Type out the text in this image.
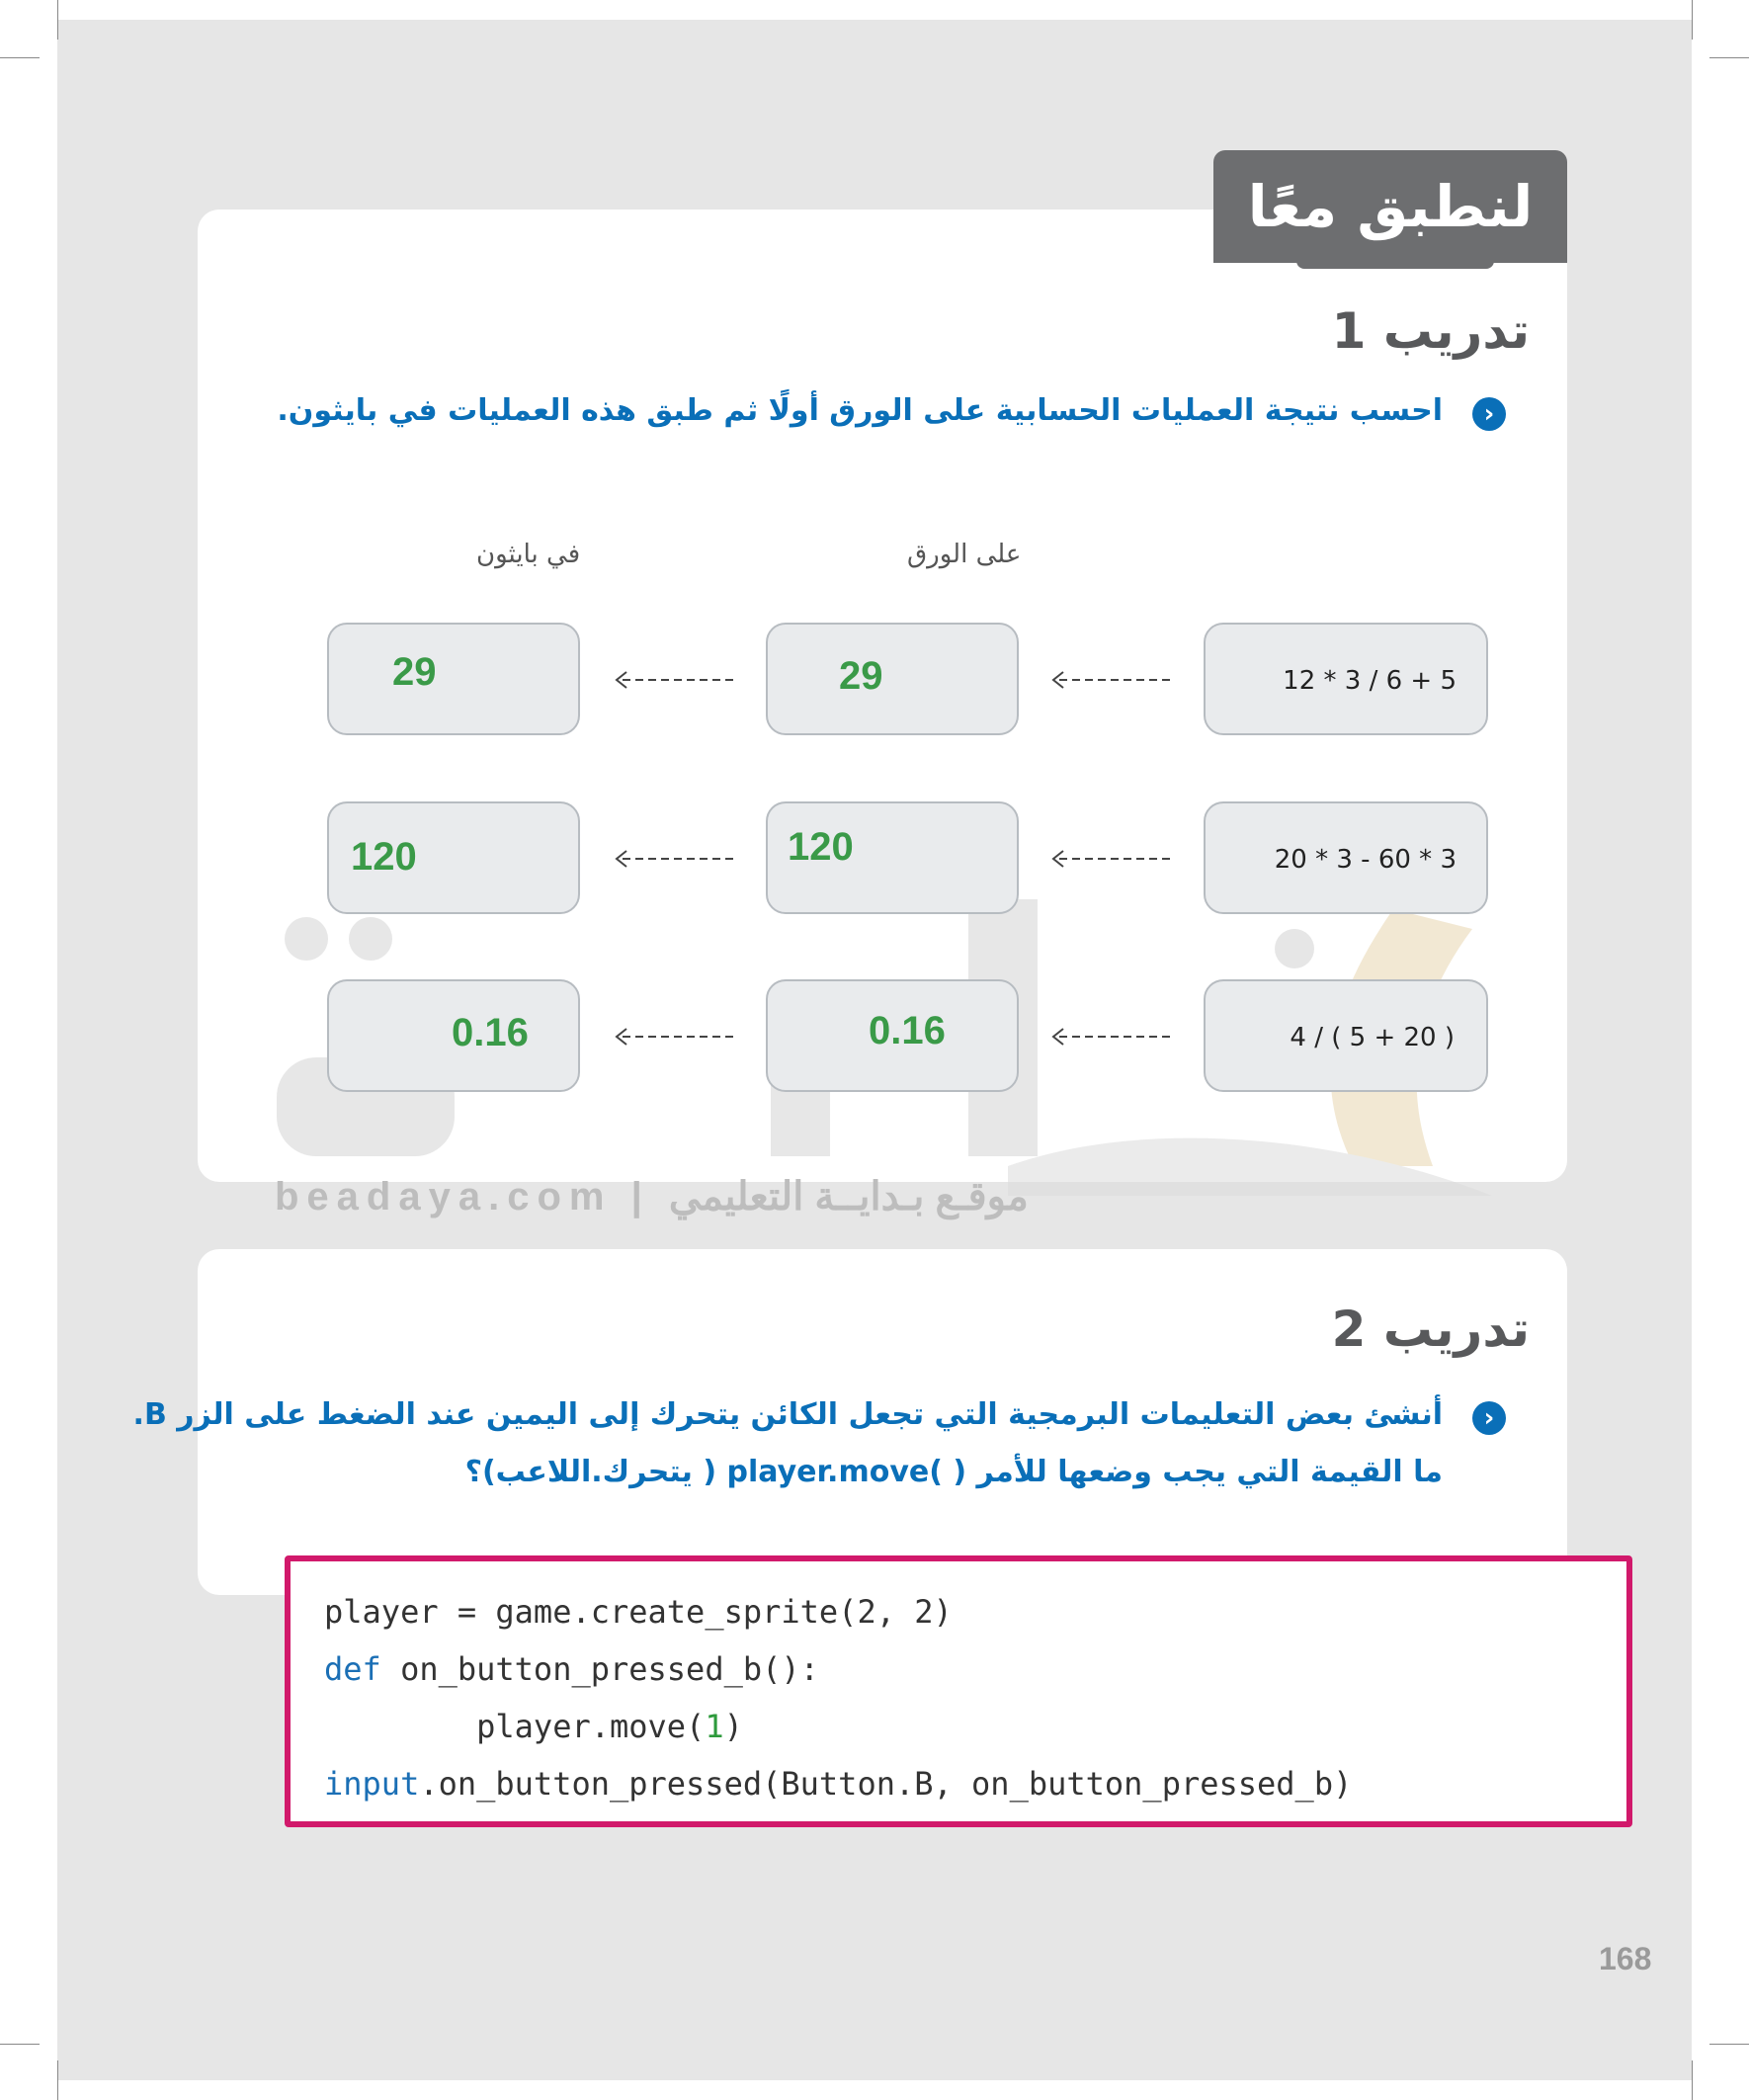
لنطبق معًا
تدريب 1
›
احسب نتيجة العمليات الحسابية على الورق أولًا ثم طبق هذه العمليات في بايثون.
على الورق
في بايثون
beadaya.com | موقـع بـدايــة التعليمي
12 * 3 / 6 + 5
29
29
20 * 3 - 60 * 3
120
120
4 / ( 5 + 20 )
0.16
0.16
تدريب 2
›
أنشئ بعض التعليمات البرمجية التي تجعل الكائن يتحرك إلى اليمين عند الضغط على الزر B.
ما القيمة التي يجب وضعها للأمر ( )player.move ( يتحرك.اللاعب)؟
player = game.create_sprite(2, 2)
def on_button_pressed_b():
player.move(1)
input.on_button_pressed(Button.B, on_button_pressed_b)
168
